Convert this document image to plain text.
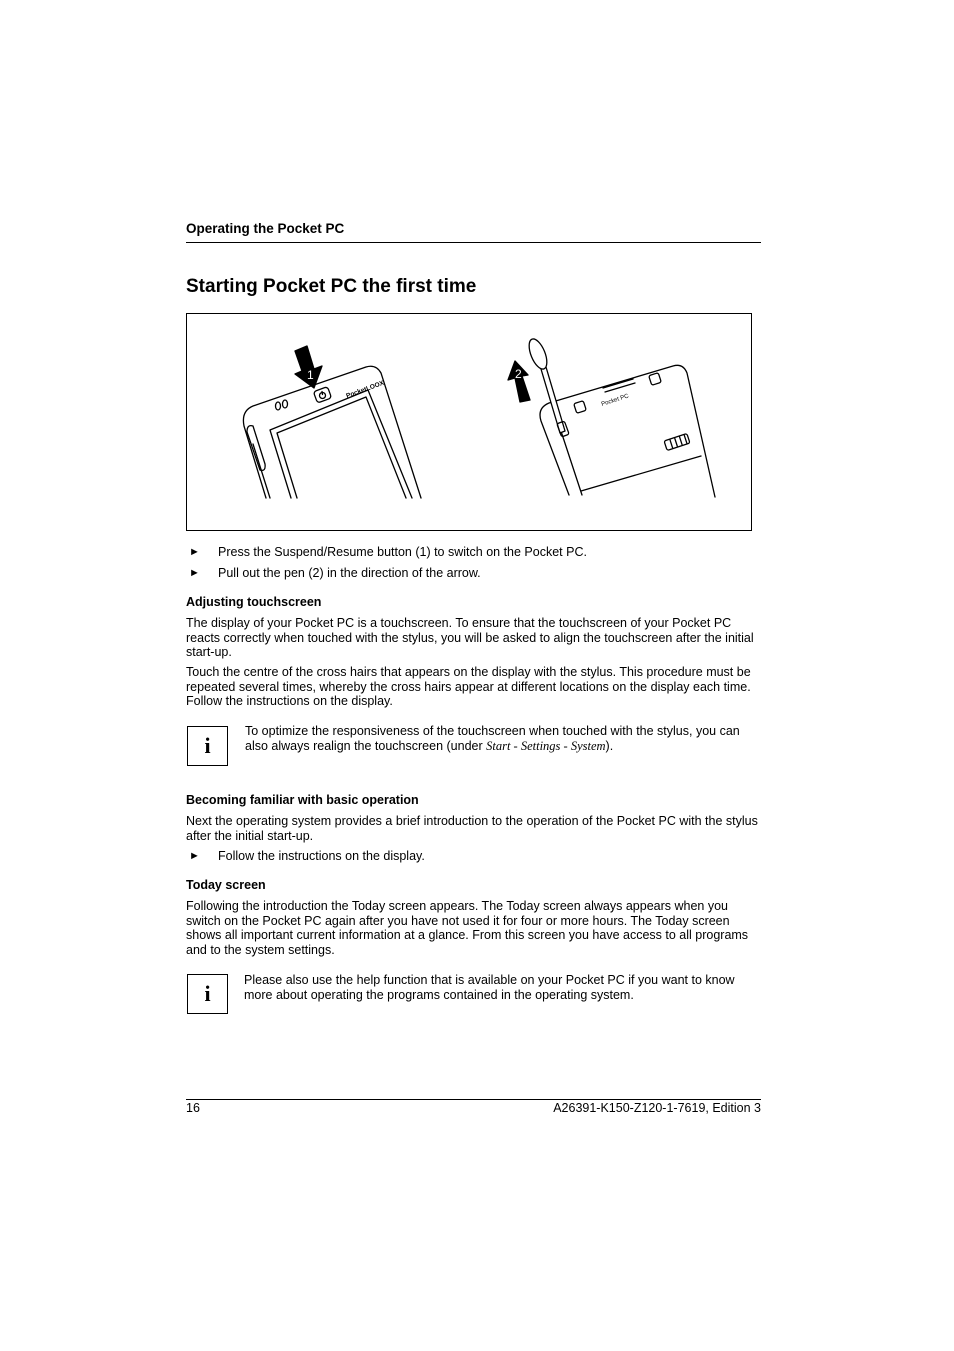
Operating the Pocket PC
Starting Pocket PC the first time
1
PocketLOOX
2
Pocket PC
► Press the Suspend/Resume button (1) to switch on the Pocket PC.
► Pull out the pen (2) in the direction of the arrow.
Adjusting touchscreen
The display of your Pocket PC is a touchscreen. To ensure that the touchscreen of your Pocket PC reacts correctly when touched with the stylus, you will be asked to align the touchscreen after the initial start-up.
Touch the centre of the cross hairs that appears on the display with the stylus. This procedure must be repeated several times, whereby the cross hairs appear at different locations on the display each time. Follow the instructions on the display.
i
To optimize the responsiveness of the touchscreen when touched with the stylus, you can also always realign the touchscreen (under Start - Settings - System).
Becoming familiar with basic operation
Next the operating system provides a brief introduction to the operation of the Pocket PC with the stylus after the initial start-up.
► Follow the instructions on the display.
Today screen
Following the introduction the Today screen appears. The Today screen always appears when you switch on the Pocket PC again after you have not used it for four or more hours. The Today screen shows all important current information at a glance. From this screen you have access to all programs and to the system settings.
i
Please also use the help function that is available on your Pocket PC if you want to know more about operating the programs contained in the operating system.
16	A26391-K150-Z120-1-7619, Edition 3
